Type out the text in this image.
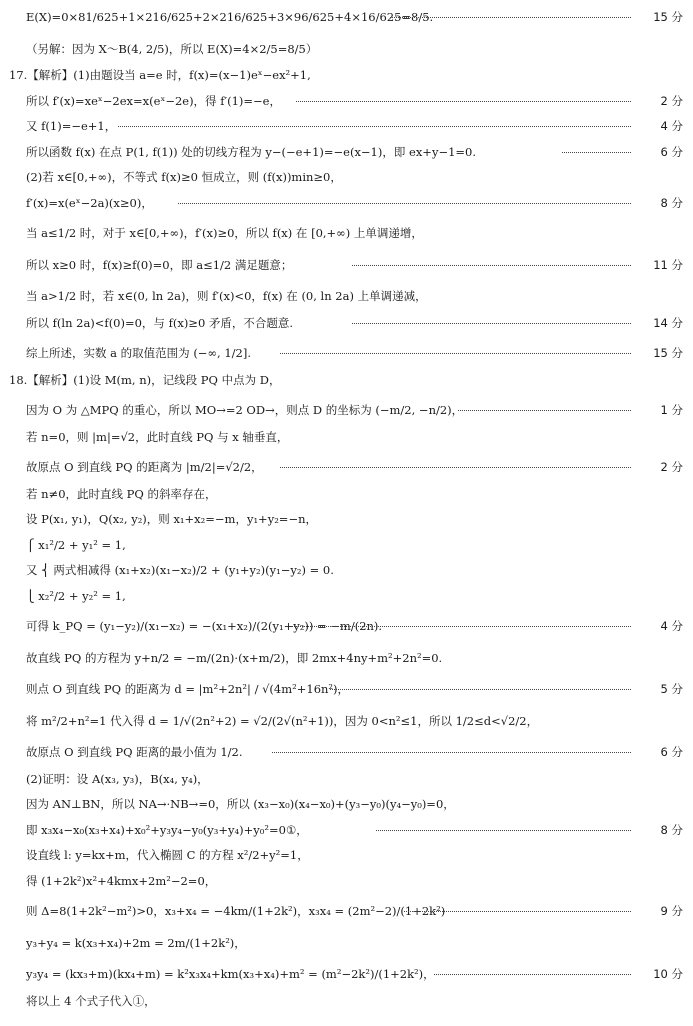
E(X)=0×81/625+1×216/625+2×216/625+3×96/625+4×16/625=8/5.	15 分
（另解：因为 X～B(4, 2/5)，所以 E(X)=4×2/5=8/5）
17.【解析】(1)由题设当 a=e 时，f(x)=(x−1)eˣ−ex²+1,
所以 f′(x)=xeˣ−2ex=x(eˣ−2e)，得 f′(1)=−e，	2 分
又 f(1)=−e+1，	4 分
所以函数 f(x) 在点 P(1, f(1)) 处的切线方程为 y−(−e+1)=−e(x−1)，即 ex+y−1=0.	6 分
(2)若 x∈[0,+∞)，不等式 f(x)≥0 恒成立，则 (f(x))min≥0，
f′(x)=x(eˣ−2a)(x≥0)，	8 分
当 a≤1/2 时，对于 x∈[0,+∞)，f′(x)≥0，所以 f(x) 在 [0,+∞) 上单调递增，
所以 x≥0 时，f(x)≥f(0)=0，即 a≤1/2 满足题意；	11 分
当 a>1/2 时，若 x∈(0, ln 2a)，则 f′(x)<0，f(x) 在 (0, ln 2a) 上单调递减，
所以 f(ln 2a)<f(0)=0，与 f(x)≥0 矛盾，不合题意.	14 分
综上所述，实数 a 的取值范围为 (−∞, 1/2].	15 分
18.【解析】(1)设 M(m, n)，记线段 PQ 中点为 D，
因为 O 为 △MPQ 的重心，所以 MO→=2 OD→，则点 D 的坐标为 (−m/2, −n/2)，	1 分
若 n=0，则 |m|=√2，此时直线 PQ 与 x 轴垂直，
故原点 O 到直线 PQ 的距离为 |m/2|=√2/2，	2 分
若 n≠0，此时直线 PQ 的斜率存在，
设 P(x₁, y₁)，Q(x₂, y₂)，则 x₁+x₂=−m，y₁+y₂=−n，
⎧ x₁²/2 + y₁² = 1,
又 ⎨ 两式相减得 (x₁+x₂)(x₁−x₂)/2 + (y₁+y₂)(y₁−y₂) = 0.
⎩ x₂²/2 + y₂² = 1,
可得 k_PQ = (y₁−y₂)/(x₁−x₂) = −(x₁+x₂)/(2(y₁+y₂)) = −m/(2n).	4 分
故直线 PQ 的方程为 y+n/2 = −m/(2n)·(x+m/2)，即 2mx+4ny+m²+2n²=0.
则点 O 到直线 PQ 的距离为 d = |m²+2n²| / √(4m²+16n²)，	5 分
将 m²/2+n²=1 代入得 d = 1/√(2n²+2) = √2/(2√(n²+1))，因为 0<n²≤1，所以 1/2≤d<√2/2，
故原点 O 到直线 PQ 距离的最小值为 1/2.	6 分
(2)证明：设 A(x₃, y₃)，B(x₄, y₄)，
因为 AN⊥BN，所以 NA→·NB→=0，所以 (x₃−x₀)(x₄−x₀)+(y₃−y₀)(y₄−y₀)=0，
即 x₃x₄−x₀(x₃+x₄)+x₀²+y₃y₄−y₀(y₃+y₄)+y₀²=0①，	8 分
设直线 l: y=kx+m，代入椭圆 C 的方程 x²/2+y²=1，
得 (1+2k²)x²+4kmx+2m²−2=0，
则 Δ=8(1+2k²−m²)>0，x₃+x₄ = −4km/(1+2k²)，x₃x₄ = (2m²−2)/(1+2k²)	9 分
y₃+y₄ = k(x₃+x₄)+2m = 2m/(1+2k²)，
y₃y₄ = (kx₃+m)(kx₄+m) = k²x₃x₄+km(x₃+x₄)+m² = (m²−2k²)/(1+2k²)，	10 分
将以上 4 个式子代入①，
